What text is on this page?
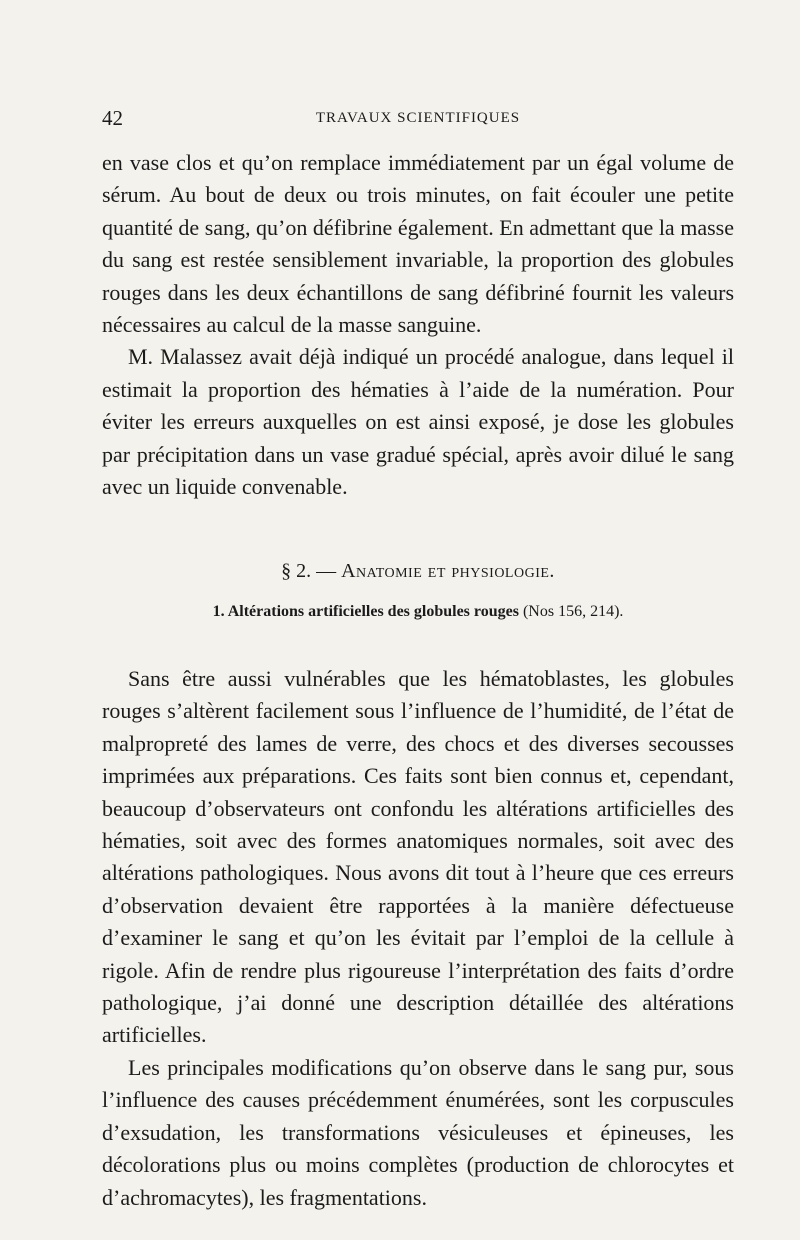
42	TRAVAUX SCIENTIFIQUES

en vase clos et qu’on remplace immédiatement par un égal volume de sérum. Au bout de deux ou trois minutes, on fait écouler une petite quantité de sang, qu’on défibrine également. En admettant que la masse du sang est restée sensiblement invariable, la proportion des globules rouges dans les deux échantillons de sang défibriné fournit les valeurs nécessaires au calcul de la masse sanguine.

M. Malassez avait déjà indiqué un procédé analogue, dans lequel il estimait la proportion des hématies à l’aide de la numération. Pour éviter les erreurs auxquelles on est ainsi exposé, je dose les globules par précipitation dans un vase gradué spécial, après avoir dilué le sang avec un liquide convenable.

§ 2. — Anatomie et physiologie.
1. Altérations artificielles des globules rouges (Nos 156, 214).

Sans être aussi vulnérables que les hématoblastes, les globules rouges s’altèrent facilement sous l’influence de l’humidité, de l’état de malpropreté des lames de verre, des chocs et des diverses secousses imprimées aux préparations. Ces faits sont bien connus et, cependant, beaucoup d’observateurs ont confondu les altérations artificielles des hématies, soit avec des formes anatomiques normales, soit avec des altérations pathologiques. Nous avons dit tout à l’heure que ces erreurs d’observation devaient être rapportées à la manière défectueuse d’examiner le sang et qu’on les évitait par l’emploi de la cellule à rigole. Afin de rendre plus rigoureuse l’interprétation des faits d’ordre pathologique, j’ai donné une description détaillée des altérations artificielles.

Les principales modifications qu’on observe dans le sang pur, sous l’influence des causes précédemment énumérées, sont les corpuscules d’exsudation, les transformations vésiculeuses et épineuses, les décolorations plus ou moins complètes (production de chlorocytes et d’achromacytes), les fragmentations.
